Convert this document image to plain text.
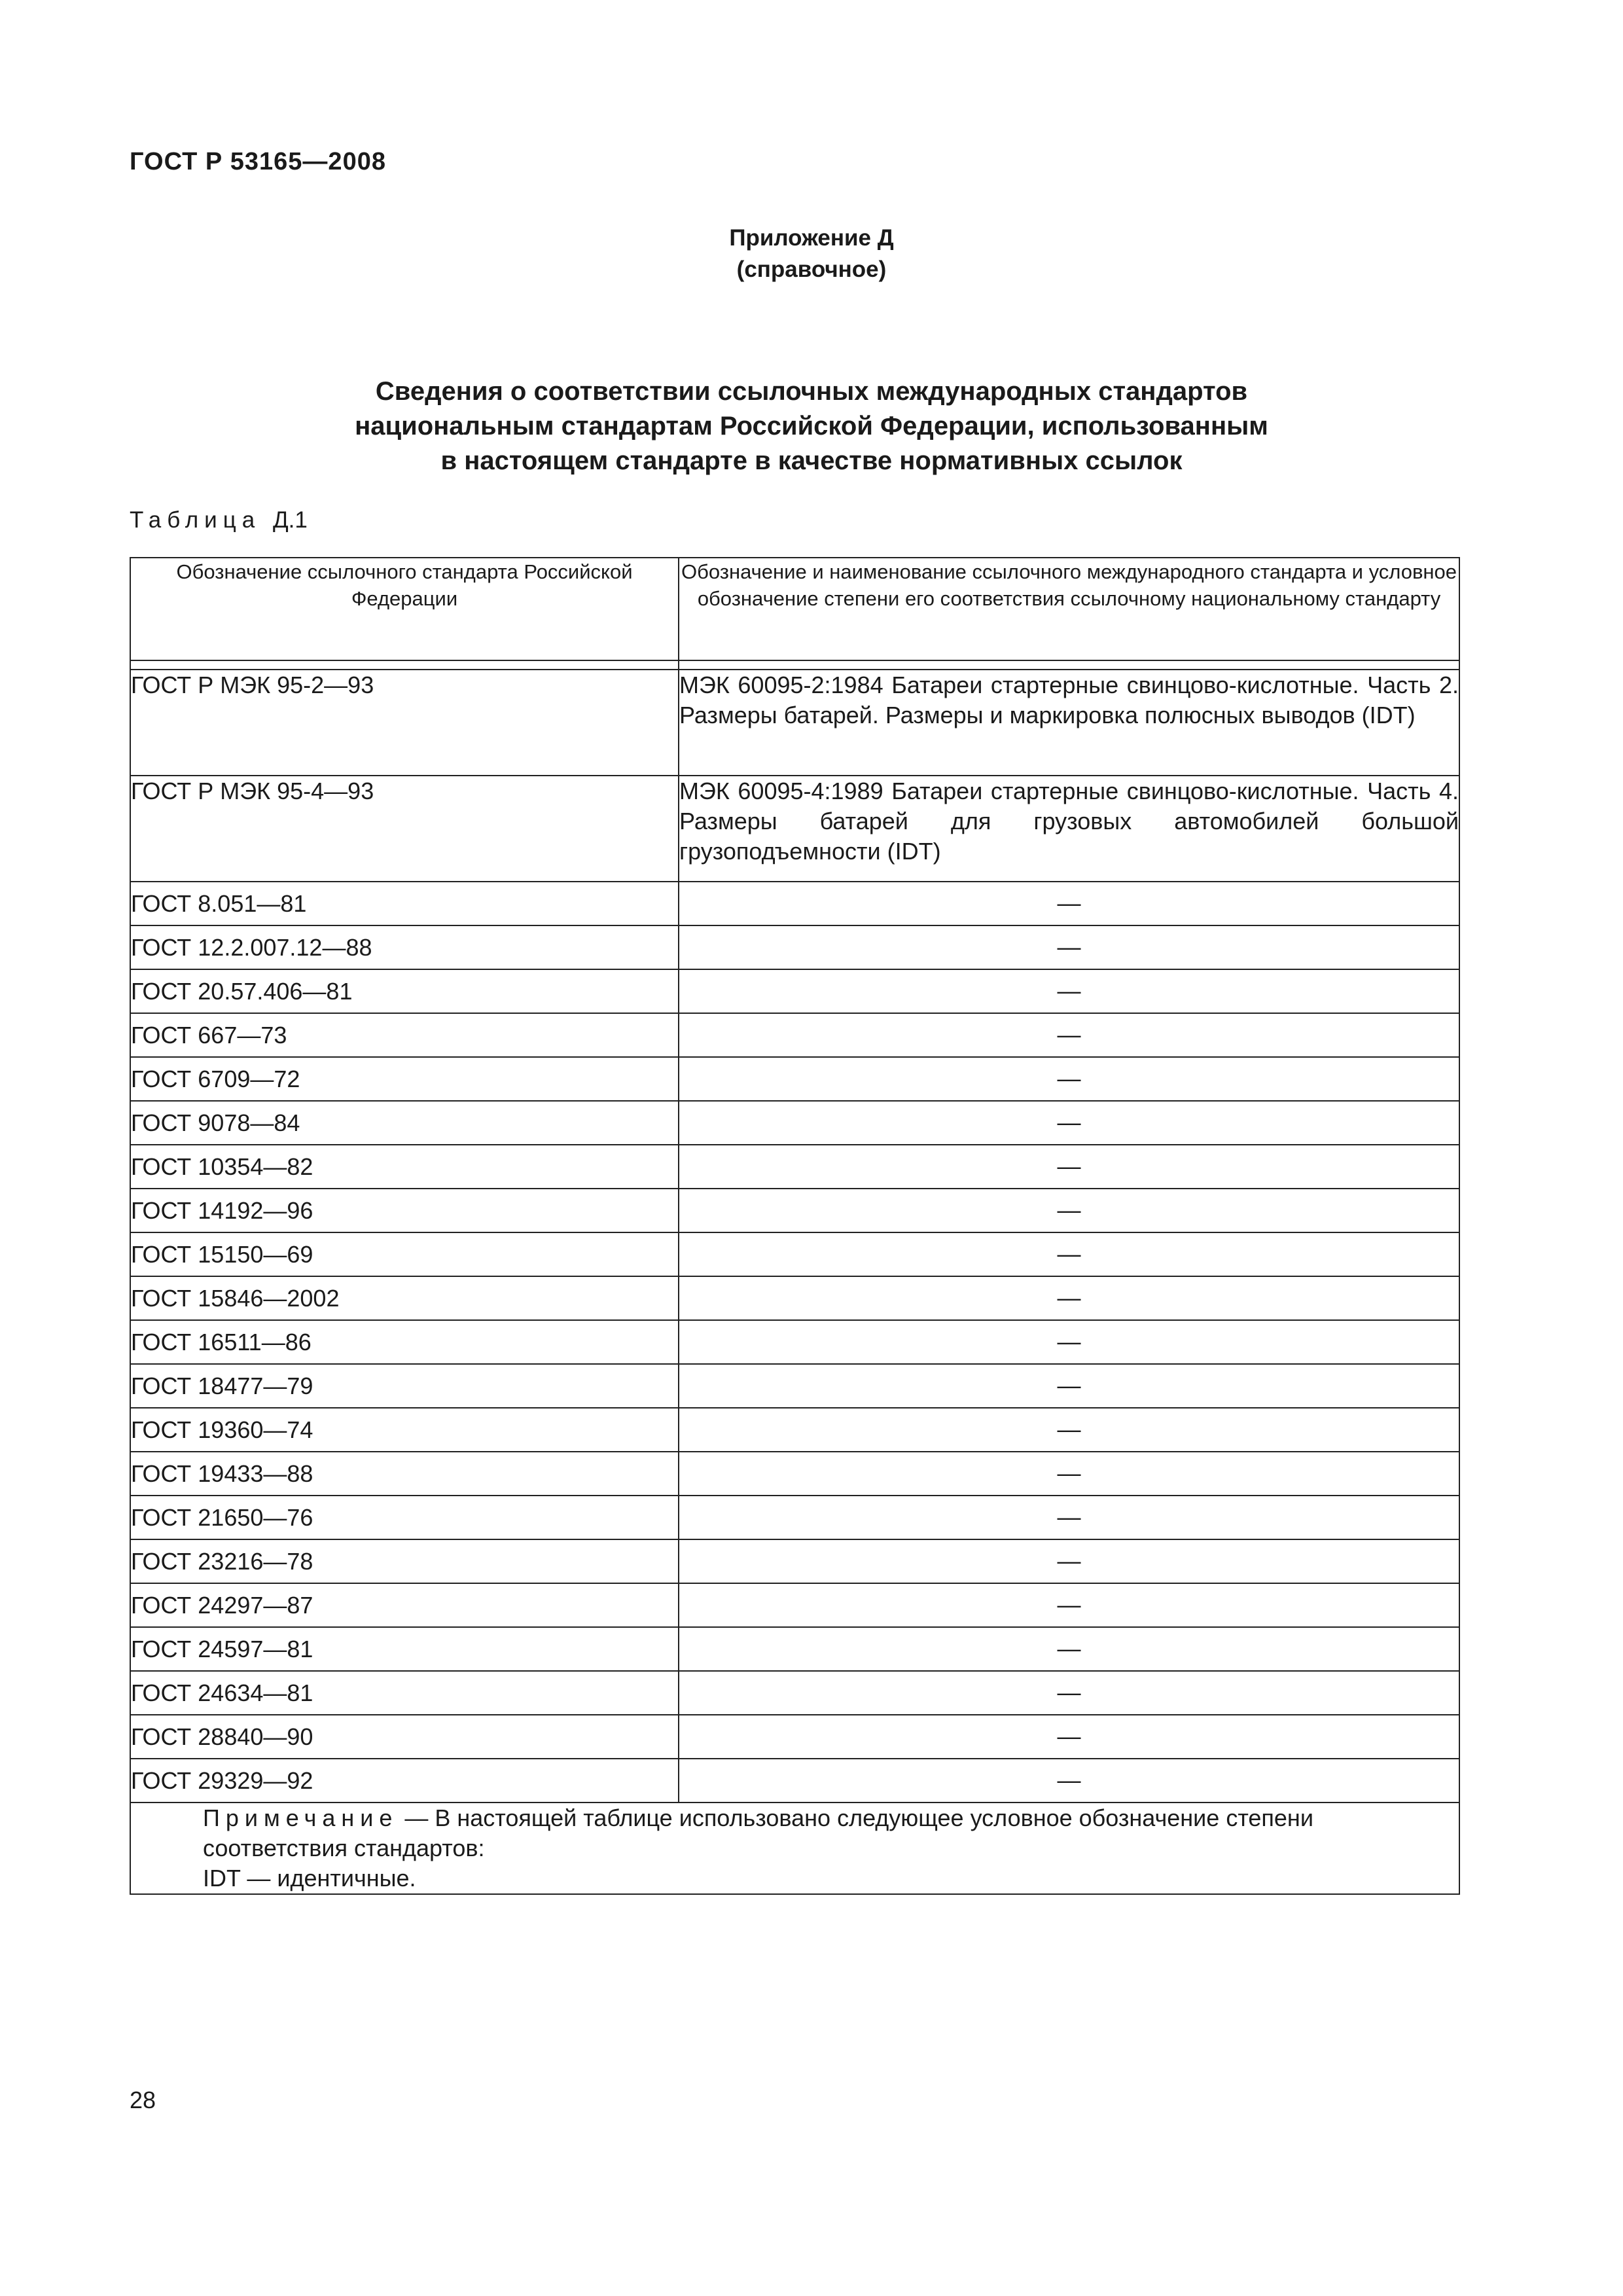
ГОСТ Р 53165—2008
Приложение Д
(справочное)
Сведения о соответствии ссылочных международных стандартов
национальным стандартам Российской Федерации, использованным
в настоящем стандарте в качестве нормативных ссылок
Таблица Д.1
Обозначение ссылочного стандарта Российской Федерации	Обозначение и наименование ссылочного международного стандарта и условное обозначение степени его соответствия ссылочному национальному стандарту

ГОСТ Р МЭК 95-2—93	МЭК 60095-2:1984 Батареи стартерные свинцово-кислотные. Часть 2. Размеры батарей. Размеры и маркировка полюсных выводов (IDT)
ГОСТ Р МЭК 95-4—93	МЭК 60095-4:1989 Батареи стартерные свинцово-кислотные. Часть 4. Размеры батарей для грузовых автомобилей большой грузоподъемности (IDT)
ГОСТ 8.051—81	—
ГОСТ 12.2.007.12—88	—
ГОСТ 20.57.406—81	—
ГОСТ 667—73	—
ГОСТ 6709—72	—
ГОСТ 9078—84	—
ГОСТ 10354—82	—
ГОСТ 14192—96	—
ГОСТ 15150—69	—
ГОСТ 15846—2002	—
ГОСТ 16511—86	—
ГОСТ 18477—79	—
ГОСТ 19360—74	—
ГОСТ 19433—88	—
ГОСТ 21650—76	—
ГОСТ 23216—78	—
ГОСТ 24297—87	—
ГОСТ 24597—81	—
ГОСТ 24634—81	—
ГОСТ 28840—90	—
ГОСТ 29329—92	—

Примечание — В настоящей таблице использовано следующее условное обозначение степени соответствия стандартов:
IDT — идентичные.	
28
